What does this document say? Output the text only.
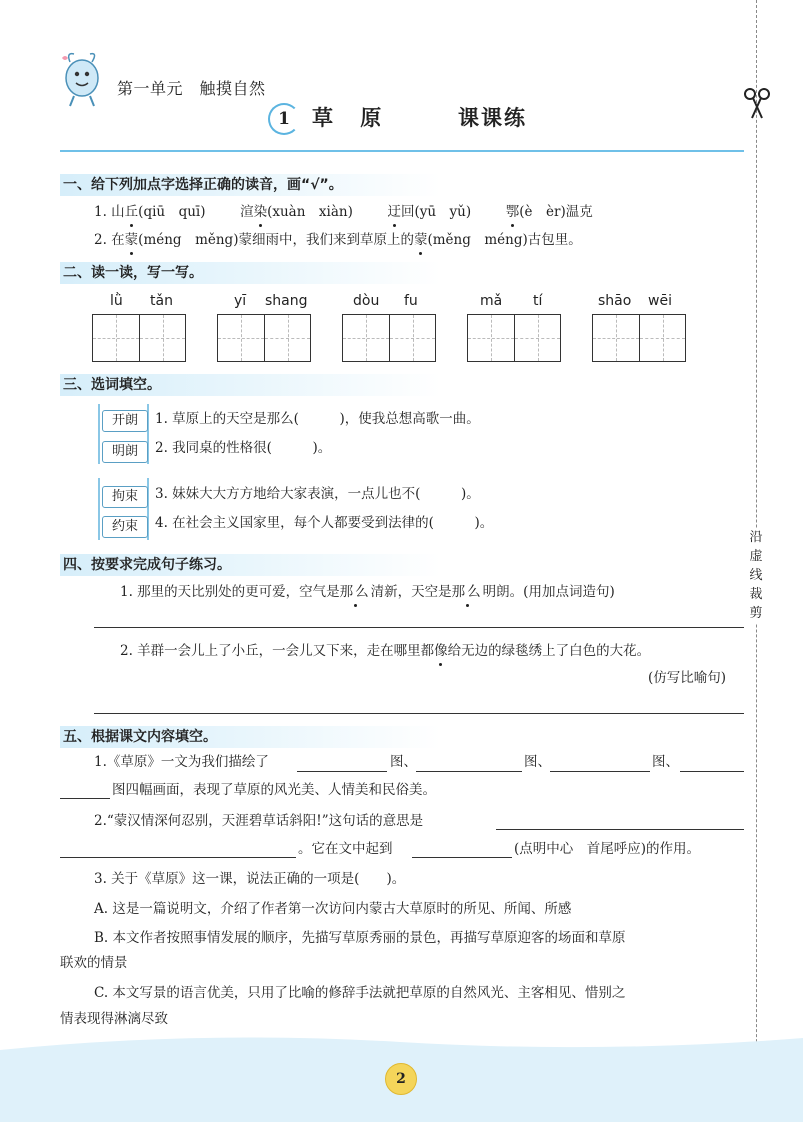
第一单元　触摸自然
1	草 原	课课练
沿虚线裁剪
一、给下列加点字选择正确的读音，画“√”。
1. 山丘(qiū　quī)	渲染(xuàn　xiàn)	迂回(yū　yǔ)	鄂(è　èr)温克
2. 在蒙(méng　měng)蒙细雨中，我们来到草原上的蒙(měng　méng)古包里。
二、读一读，写一写。
lǜ tǎn	yī shang	dòu fu	mǎ tí	shāo wēi
三、选词填空。
开朗
明朗
拘束
约束
1. 草原上的天空是那么(　　　)，使我总想高歌一曲。
2. 我同桌的性格很(　　　)。
3. 妹妹大大方方地给大家表演，一点儿也不(　　　)。
4. 在社会主义国家里，每个人都要受到法律的(　　　)。
四、按要求完成句子练习。
1. 那里的天比别处的更可爱，空气是那么清新，天空是那么明朗。(用加点词造句)
2. 羊群一会儿上了小丘，一会儿又下来，走在哪里都像给无边的绿毯绣上了白色的大花。
(仿写比喻句)
五、根据课文内容填空。
1.《草原》一文为我们描绘了	图、	图、	图、
图四幅画面，表现了草原的风光美、人情美和民俗美。
2.“蒙汉情深何忍别，天涯碧草话斜阳!”这句话的意思是
。它在文中起到	(点明中心　首尾呼应)的作用。
3. 关于《草原》这一课，说法正确的一项是(　　)。
A. 这是一篇说明文，介绍了作者第一次访问内蒙古大草原时的所见、所闻、所感
B. 本文作者按照事情发展的顺序，先描写草原秀丽的景色，再描写草原迎客的场面和草原
联欢的情景
C. 本文写景的语言优美，只用了比喻的修辞手法就把草原的自然风光、主客相见、惜别之
情表现得淋漓尽致
2
